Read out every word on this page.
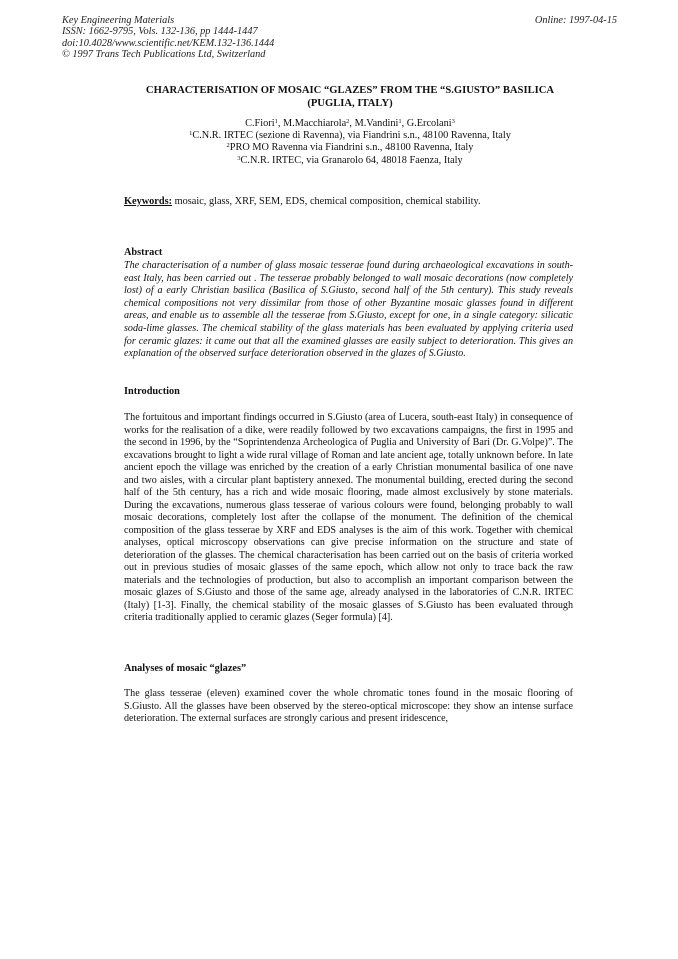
Key Engineering Materials
ISSN: 1662-9795, Vols. 132-136, pp 1444-1447
doi:10.4028/www.scientific.net/KEM.132-136.1444
© 1997 Trans Tech Publications Ltd, Switzerland
Online: 1997-04-15
CHARACTERISATION OF MOSAIC “GLAZES” FROM THE “S.GIUSTO” BASILICA
(PUGLIA, ITALY)
C.Fiori$^1$, M.Macchiarola$^2$, M.Vandini$^1$, G.Ercolani$^3$
$^1$C.N.R. IRTEC (sezione di Ravenna), via Fiandrini s.n., 48100 Ravenna, Italy
$^2$PRO MO Ravenna via Fiandrini s.n., 48100 Ravenna, Italy
$^3$C.N.R. IRTEC, via Granarolo 64, 48018 Faenza, Italy
Keywords: mosaic, glass, XRF, SEM, EDS, chemical composition, chemical stability.
Abstract
The characterisation of a number of glass mosaic tesserae found during archaeological excavations in south-east Italy, has been carried out . The tesserae probably belonged to wall mosaic decorations (now completely lost) of a early Christian basilica (Basilica of S.Giusto, second half of the 5th century). This study reveals chemical compositions not very dissimilar from those of other Byzantine mosaic glasses found in different areas, and enable us to assemble all the tesserae from S.Giusto, except for one, in a single category: silicatic soda-lime glasses. The chemical stability of the glass materials has been evaluated by applying criteria used for ceramic glazes: it came out that all the examined glasses are easily subject to deterioration. This gives an explanation of the observed surface deterioration observed in the glazes of S.Giusto.
Introduction
The fortuitous and important findings occurred in S.Giusto (area of Lucera, south-east Italy) in consequence of works for the realisation of a dike, were readily followed by two excavations campaigns, the first in 1995 and the second in 1996, by the “Soprintendenza Archeologica of Puglia and University of Bari (Dr. G.Volpe)”. The excavations brought to light a wide rural village of Roman and late ancient age, totally unknown before. In late ancient epoch the village was enriched by the creation of a early Christian monumental basilica of one nave and two aisles, with a circular plant baptistery annexed. The monumental building, erected during the second half of the 5th century, has a rich and wide mosaic flooring, made almost exclusively by stone materials. During the excavations, numerous glass tesserae of various colours were found, belonging probably to wall mosaic decorations, completely lost after the collapse of the monument. The definition of the chemical composition of the glass tesserae by XRF and EDS analyses is the aim of this work. Together with chemical analyses, optical microscopy observations can give precise information on the structure and state of deterioration of the glasses. The chemical characterisation has been carried out on the basis of criteria worked out in previous studies of mosaic glasses of the same epoch, which allow not only to trace back the raw materials and the technologies of production, but also to accomplish an important comparison between the mosaic glazes of S.Giusto and those of the same age, already analysed in the laboratories of C.N.R. IRTEC (Italy) [1-3]. Finally, the chemical stability of the mosaic glasses of S.Giusto has been evaluated through criteria traditionally applied to ceramic glazes (Seger formula) [4].
Analyses of mosaic “glazes”
The glass tesserae (eleven) examined cover the whole chromatic tones found in the mosaic flooring of S.Giusto. All the glasses have been observed by the stereo-optical microscope: they show an intense surface deterioration. The external surfaces are strongly carious and present iridescence,
